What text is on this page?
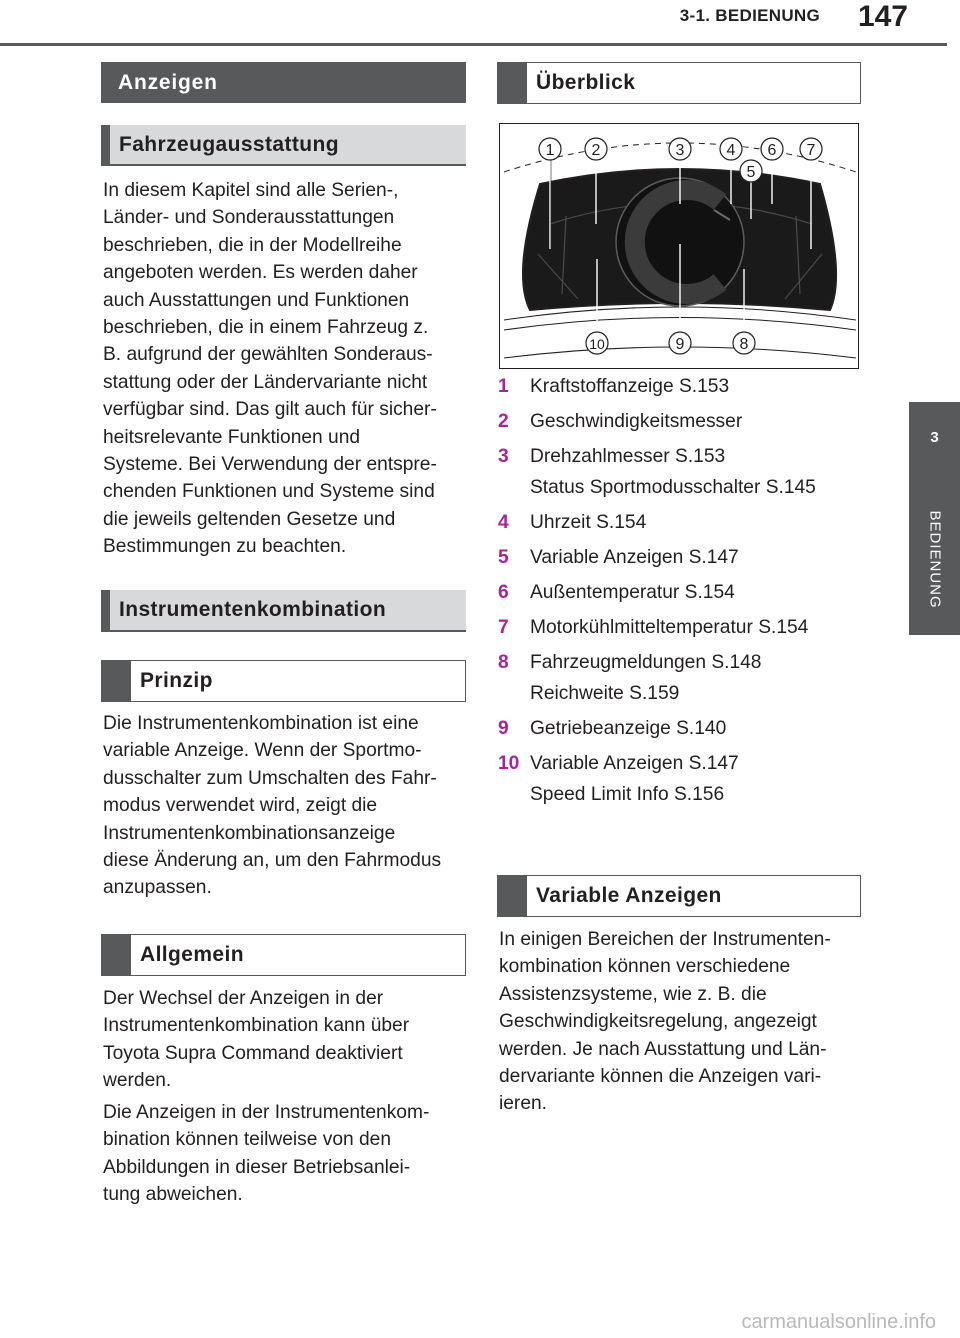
3-1. BEDIENUNG	147
3
BEDIENUNG
Anzeigen
Fahrzeugausstattung
In diesem Kapitel sind alle Serien-,
Länder- und Sonderausstattungen
beschrieben, die in der Modellreihe
angeboten werden. Es werden daher
auch Ausstattungen und Funktionen
beschrieben, die in einem Fahrzeug z.
B. aufgrund der gewählten Sonderaus-
stattung oder der Ländervariante nicht
verfügbar sind. Das gilt auch für sicher-
heitsrelevante Funktionen und
Systeme. Bei Verwendung der entspre-
chenden Funktionen und Systeme sind
die jeweils geltenden Gesetze und
Bestimmungen zu beachten.
Instrumentenkombination
Prinzip
Die Instrumentenkombination ist eine
variable Anzeige. Wenn der Sportmo-
dusschalter zum Umschalten des Fahr-
modus verwendet wird, zeigt die
Instrumentenkombinationsanzeige
diese Änderung an, um den Fahrmodus
anzupassen.
Allgemein
Der Wechsel der Anzeigen in der
Instrumentenkombination kann über
Toyota Supra Command deaktiviert
werden.
Die Anzeigen in der Instrumentenkom-
bination können teilweise von den
Abbildungen in dieser Betriebsanlei-
tung abweichen.
Überblick
1 2	3	4
5
6 7
8
9
10
1 Kraftstoffanzeige S.153
2 Geschwindigkeitsmesser
3 Drehzahlmesser S.153
Status Sportmodusschalter S.145
4 Uhrzeit S.154
5 Variable Anzeigen S.147
6 Außentemperatur S.154
7 Motorkühlmitteltemperatur S.154
8 Fahrzeugmeldungen S.148
Reichweite S.159
9 Getriebeanzeige S.140
10 Variable Anzeigen S.147
Speed Limit Info S.156
Variable Anzeigen
In einigen Bereichen der Instrumenten-
kombination können verschiedene
Assistenzsysteme, wie z. B. die
Geschwindigkeitsregelung, angezeigt
werden. Je nach Ausstattung und Län-
dervariante können die Anzeigen vari-
ieren.
carmanualsonline.info
